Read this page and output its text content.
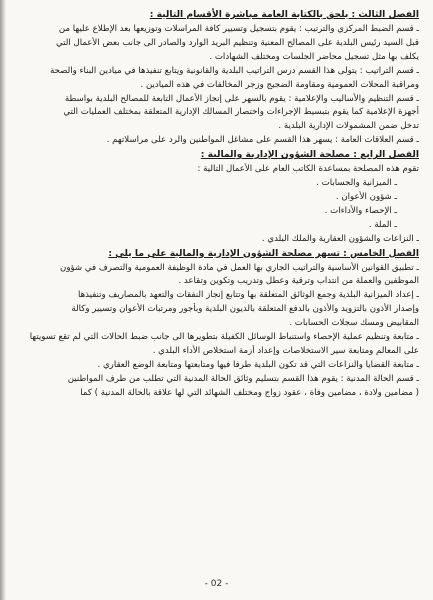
الفصل الثالث : يلحق بالكتابة العامة مباشرة الأقسام التالية :

ـ قسم الضبط المركزي والترتيب : يقوم بتسجيل وتسيير كافة المراسلات وتوزيعها بعد الإطلاع عليها من

قبل السيد رئيس البلدية على المصالح المعنية وتنظيم البريد الوارد والصادر الى جانب بعض الأعمال التي

يكلف بها مثل تسجيل محاضر الجلسات ومختلف الشهادات .

ـ قسم التراتيب : يتولى هذا القسم درس التراتيب البلدية والقانونية ويتابع تنفيذها في ميادين البناء والصحة

ومراقبة المحلات العمومية ومقاومة الضجيج وزجر المخالفات في هذه الميادين .

ـ قسم التنظيم والأساليب والإعلامية : يقوم بالسهر على إنجاز الأعمال التابعة للمصالح البلدية بواسطة

أجهزة الإعلامية كما يقوم بتبسيط الإجراءات واختصار المسالك الإدارية المتعلقة بمختلف العمليات التي

تدخل ضمن المشمولات الإدارية البلدية .

ـ قسم العلاقات العامة : يسهر هذا القسم على مشاغل المواطنين والرد على مراسلاتهم .

الفصل الرابع : مصلحة الشؤون الإدارية والمالية :

تقوم هذه المصلحة بمساعدة الكاتب العام على الأعمال التالية :

ـ الميزانية والحسابات .

ـ شؤون الأعوان .

ـ الإحصاء والأداءات .

ـ الملة .

ـ النزاعات والشؤون العقارية والملك البلدي .

الفصل الخامس : تسهر مصلحة الشؤون الإدارية والمالية على ما يلي :

ـ تطبيق القوانين الأساسية والتراتيب الجاري بها العمل في مادة الوظيفة العمومية والتصرف في شؤون

الموظفين والعملة من انتداب وترقية وعطل وتدريب وتكوين وتقاعد .

ـ إعداد الميزانية البلدية وجمع الوثائق المتعلقة بها وتتابع إنجاز النفقات والتعهد بالمصاريف وتنفيذها

وإصدار الأذون بالتزويد والأذون بالدفع المتعلقة بالديون البلدية وبأجور ومرتبات الأعوان وتسيير وكالة

المقابيض ومسك سجلات الحسابات .

ـ متابعة وتنظيم عملية الإحصاء واستنباط الوسائل الكفيلة بتطويرها الى جانب ضبط الحالات التي لم تقع تسويتها

على المعالم ومتابعة سير الاستخلاصات وإعداد أزمة استخلاص الأداء البلدي .

ـ متابعة القضايا والنزاعات التي قد تكون البلدية طرفا فيها ومتابعتها ومتابعة الوضع العقاري .

ـ قسم الحالة المدنية : يقوم هذا القسم بتسليم وثائق الحالة المدنية التي تطلب من طرف المواطنين

( مضامين ولادة ، مضامين وفاة ، عقود زواج ومختلف الشهائد التي لها علاقة بالحالة المدنية ) كما

- 02 -
